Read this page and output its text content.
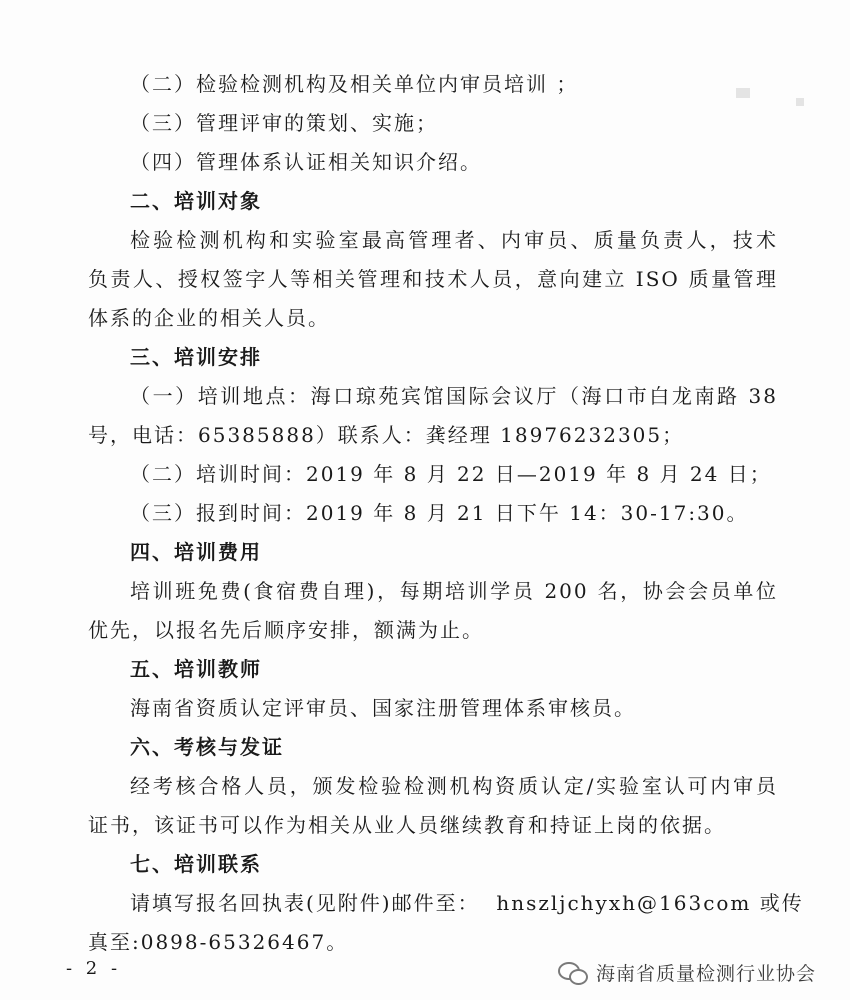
（二）检验检测机构及相关单位内审员培训 ；
（三）管理评审的策划、实施；
（四）管理体系认证相关知识介绍。
二、培训对象
检验检测机构和实验室最高管理者、内审员、质量负责人，技术
负责人、授权签字人等相关管理和技术人员，意向建立 ISO 质量管理
体系的企业的相关人员。
三、培训安排
（一）培训地点：海口琼苑宾馆国际会议厅（海口市白龙南路 38
号，电话：65385888）联系人：龚经理 18976232305；
（二）培训时间：2019 年 8 月 22 日—2019 年 8 月 24 日；
（三）报到时间：2019 年 8 月 21 日下午 14：30-17:30。
四、培训费用
培训班免费(食宿费自理)，每期培训学员 200 名，协会会员单位
优先，以报名先后顺序安排，额满为止。
五、培训教师
海南省资质认定评审员、国家注册管理体系审核员。
六、考核与发证
经考核合格人员，颁发检验检测机构资质认定/实验室认可内审员
证书，该证书可以作为相关从业人员继续教育和持证上岗的依据。
七、培训联系
请填写报名回执表(见附件)邮件至：  hnszljchyxh@163com 或传
真至:0898-65326467。
- 2 -	海南省质量检测行业协会
